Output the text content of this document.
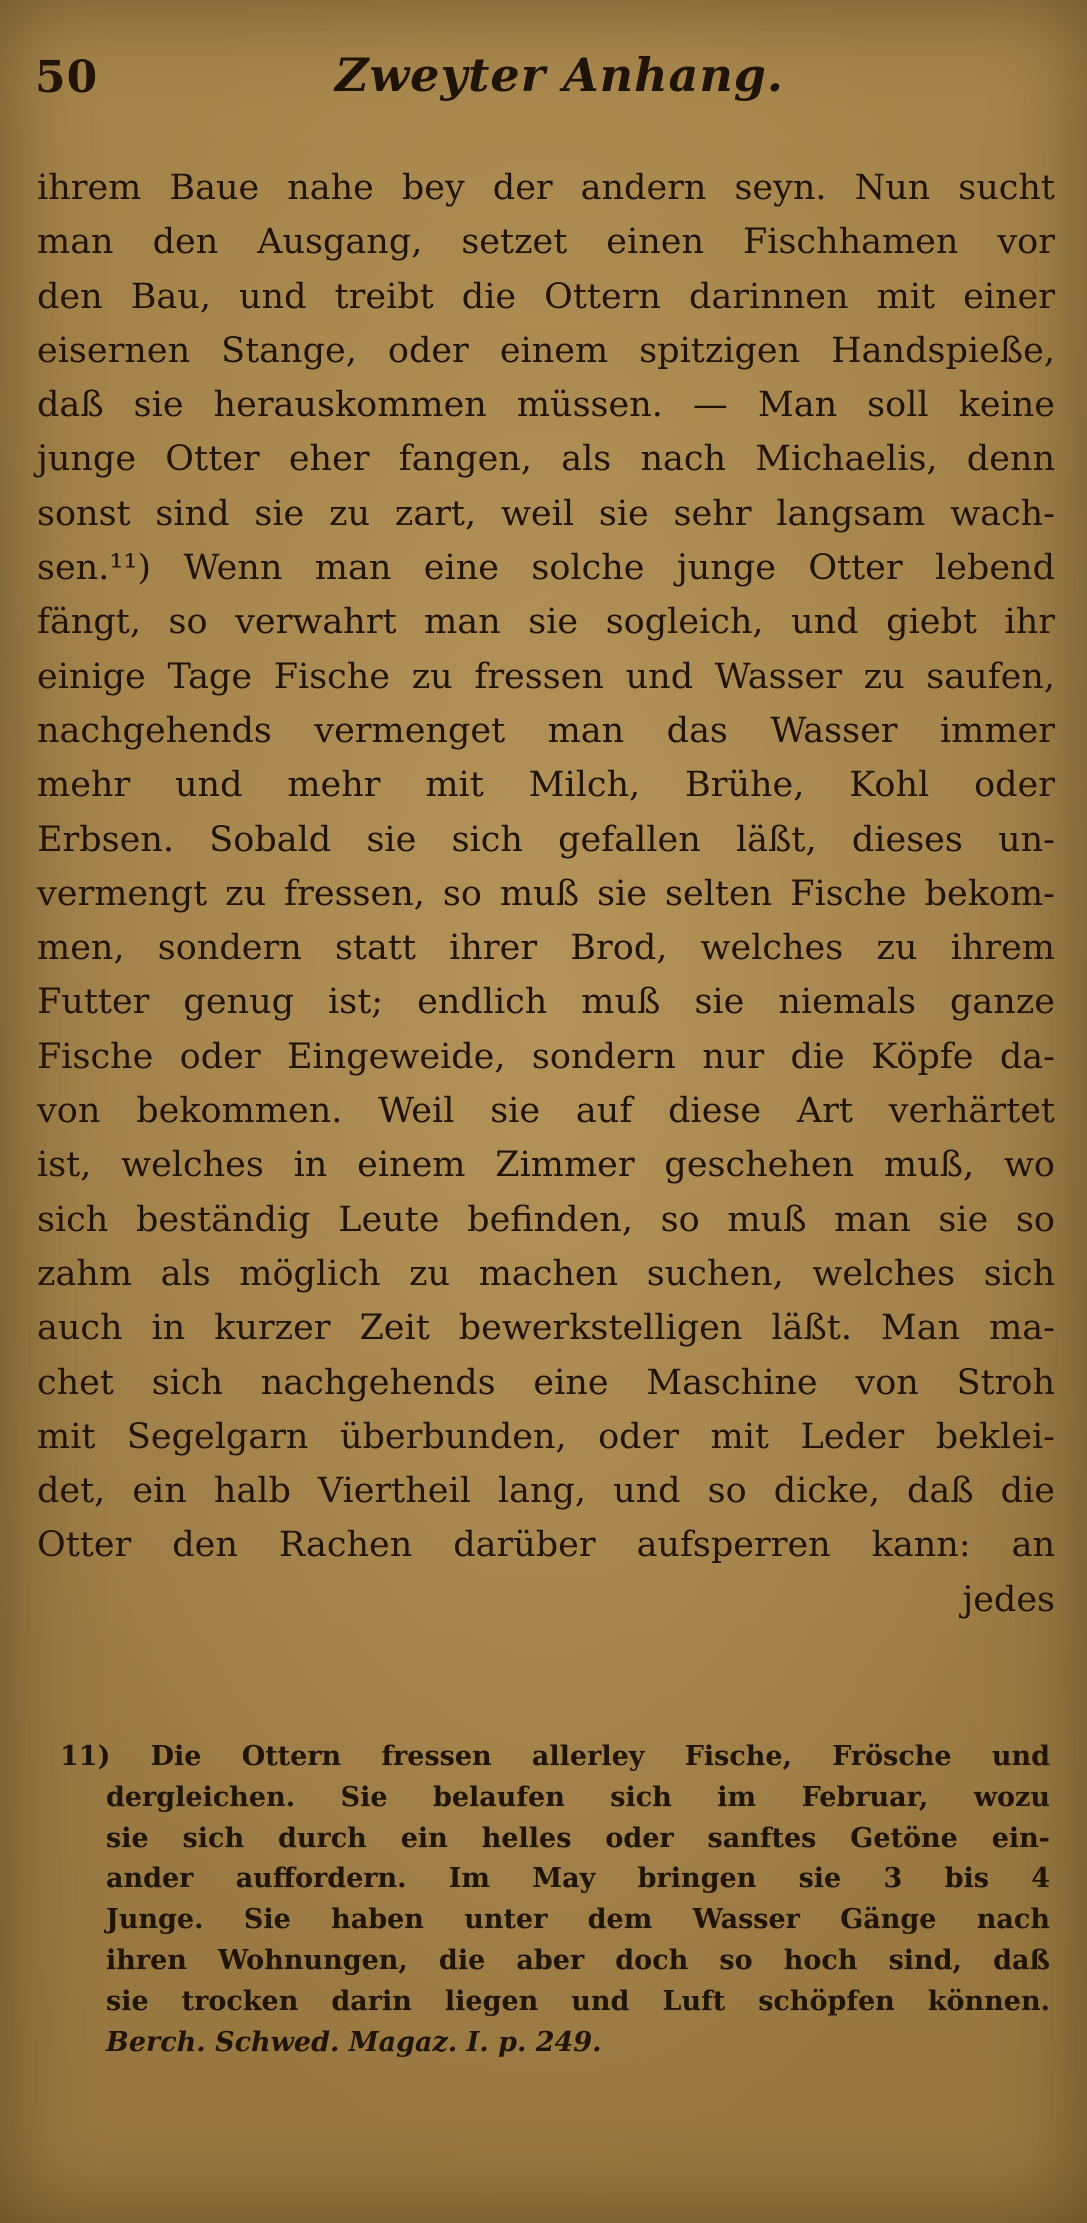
50	Zweyter Anhang.
ihrem Baue nahe bey der andern seyn. Nun sucht
man den Ausgang, setzet einen Fischhamen vor
den Bau, und treibt die Ottern darinnen mit einer
eisernen Stange, oder einem spitzigen Handspieße,
daß sie herauskommen müssen. — Man soll keine
junge Otter eher fangen, als nach Michaelis, denn
sonst sind sie zu zart, weil sie sehr langsam wach-
sen.¹¹) Wenn man eine solche junge Otter lebend
fängt, so verwahrt man sie sogleich, und giebt ihr
einige Tage Fische zu fressen und Wasser zu saufen,
nachgehends vermenget man das Wasser immer
mehr und mehr mit Milch, Brühe, Kohl oder
Erbsen. Sobald sie sich gefallen läßt, dieses un-
vermengt zu fressen, so muß sie selten Fische bekom-
men, sondern statt ihrer Brod, welches zu ihrem
Futter genug ist; endlich muß sie niemals ganze
Fische oder Eingeweide, sondern nur die Köpfe da-
von bekommen. Weil sie auf diese Art verhärtet
ist, welches in einem Zimmer geschehen muß, wo
sich beständig Leute befinden, so muß man sie so
zahm als möglich zu machen suchen, welches sich
auch in kurzer Zeit bewerkstelligen läßt. Man ma-
chet sich nachgehends eine Maschine von Stroh
mit Segelgarn überbunden, oder mit Leder beklei-
det, ein halb Viertheil lang, und so dicke, daß die
Otter den Rachen darüber aufsperren kann: an
jedes
11) Die Ottern fressen allerley Fische, Frösche und
dergleichen. Sie belaufen sich im Februar, wozu
sie sich durch ein helles oder sanftes Getöne ein-
ander auffordern. Im May bringen sie 3 bis 4
Junge. Sie haben unter dem Wasser Gänge nach
ihren Wohnungen, die aber doch so hoch sind, daß
sie trocken darin liegen und Luft schöpfen können.
Berch. Schwed. Magaz. I. p. 249.
